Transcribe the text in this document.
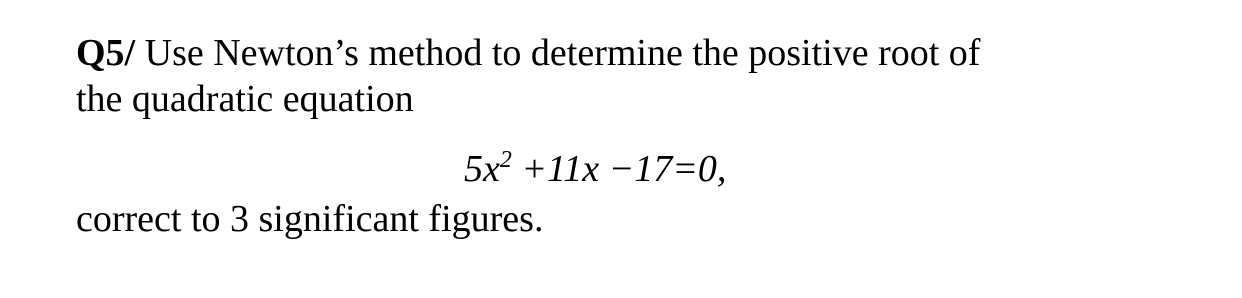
Q5/ Use Newton’s method to determine the positive root of
the quadratic equation
$5x^2 +11x -17=0$,
correct to 3 significant figures.
